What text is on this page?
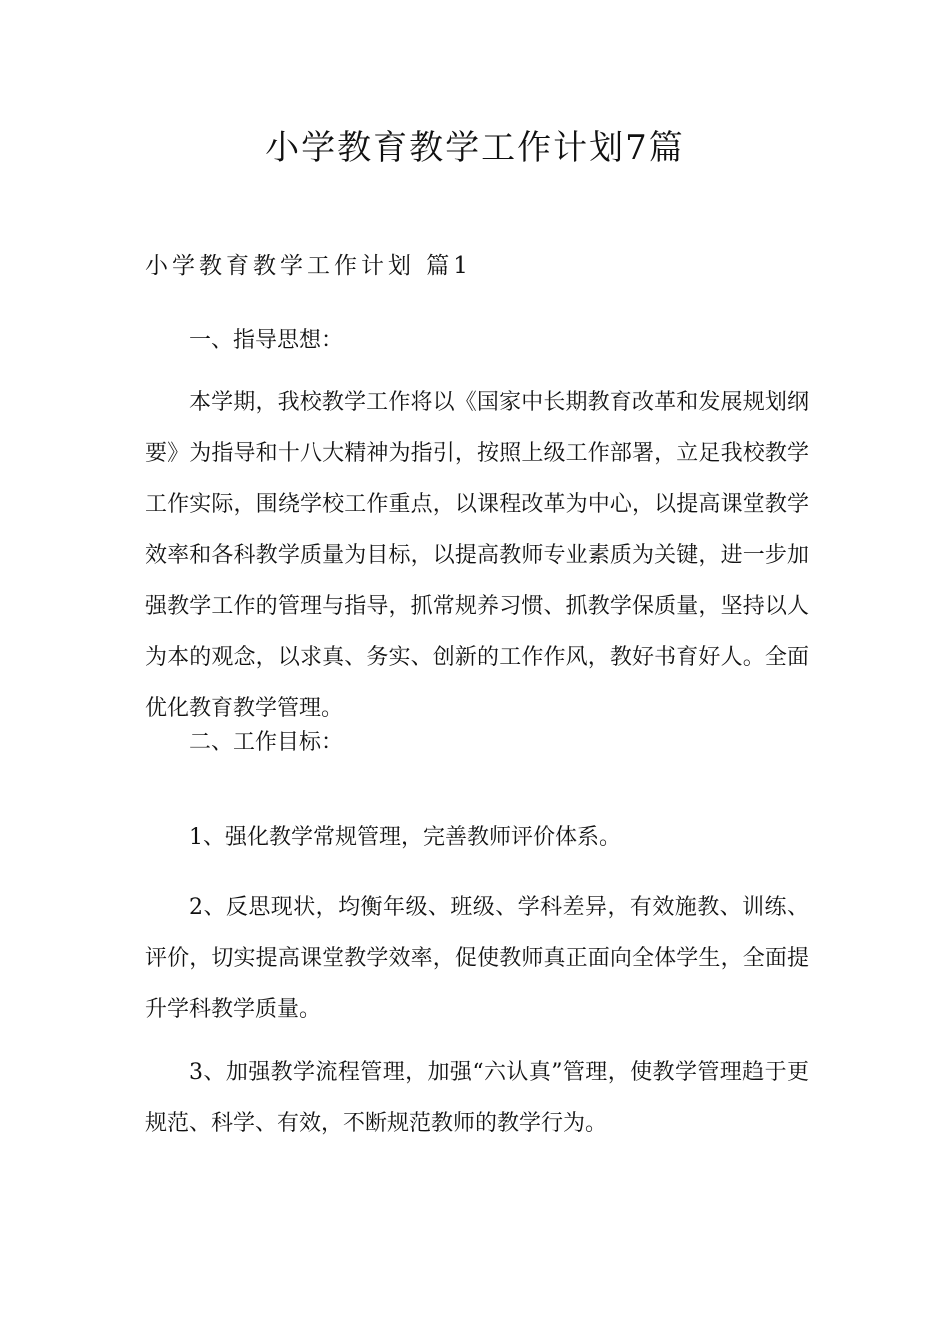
小学教育教学工作计划7篇
小学教育教学工作计划 篇1

一、指导思想：

本学期，我校教学工作将以《国家中长期教育改革和发展规划纲要》为指导和十八大精神为指引，按照上级工作部署，立足我校教学工作实际，围绕学校工作重点，以课程改革为中心，以提高课堂教学效率和各科教学质量为目标，以提高教师专业素质为关键，进一步加强教学工作的管理与指导，抓常规养习惯、抓教学保质量，坚持以人为本的观念，以求真、务实、创新的工作作风，教好书育好人。全面优化教育教学管理。

二、工作目标：

1、强化教学常规管理，完善教师评价体系。

2、反思现状，均衡年级、班级、学科差异，有效施教、训练、评价，切实提高课堂教学效率，促使教师真正面向全体学生，全面提升学科教学质量。

3、加强教学流程管理，加强“六认真”管理，使教学管理趋于更规范、科学、有效，不断规范教师的教学行为。
